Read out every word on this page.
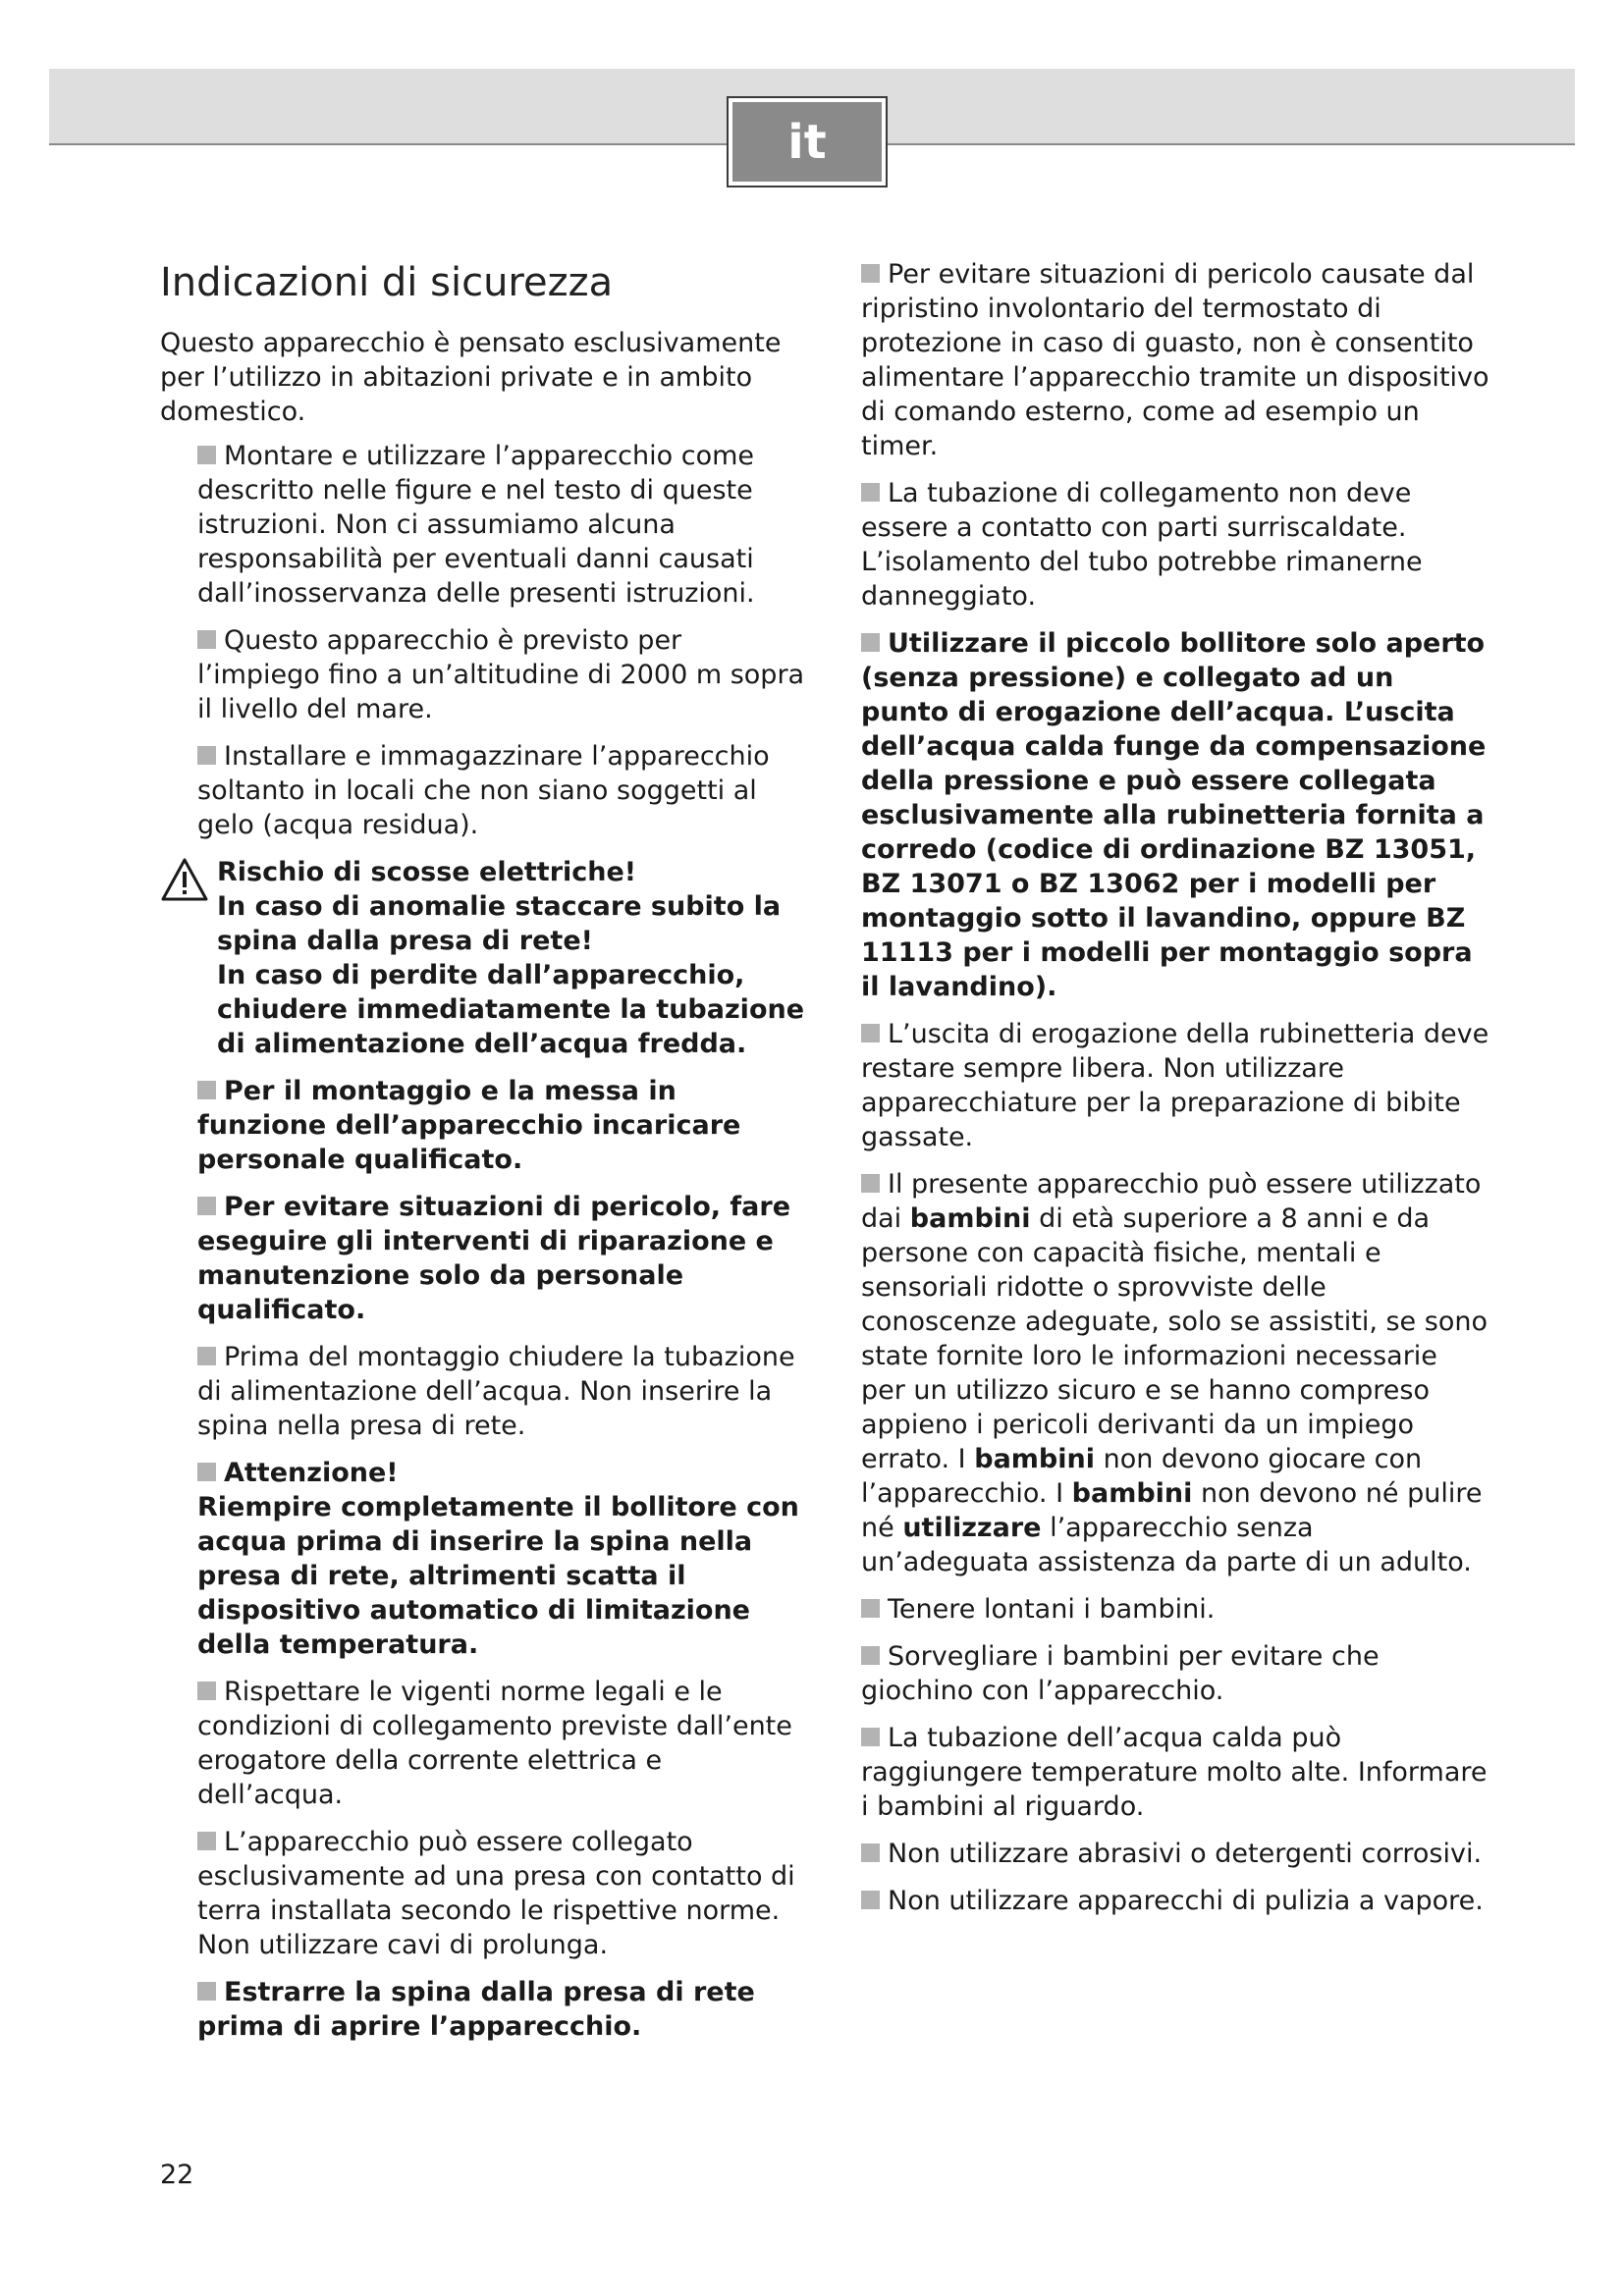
it
Indicazioni di sicurezza

Questo apparecchio è pensato esclusivamente per l’utilizzo in abitazioni private e in ambito domestico.

Montare e utilizzare l’apparecchio come descritto nelle figure e nel testo di queste istruzioni. Non ci assumiamo alcuna responsabilità per eventuali danni causati dall’inosservanza delle presenti istruzioni.
Questo apparecchio è previsto per l’impiego fino a un’altitudine di 2000 m sopra il livello del mare.
Installare e immagazzinare l’apparecchio soltanto in locali che non siano soggetti al gelo (acqua residua).
Rischio di scosse elettriche!
In caso di anomalie staccare subito la spina dalla presa di rete!
In caso di perdite dall’apparecchio, chiudere immediatamente la tubazione di alimentazione dell’acqua fredda.
Per il montaggio e la messa in funzione dell’apparecchio incaricare personale qualificato.
Per evitare situazioni di pericolo, fare eseguire gli interventi di riparazione e manutenzione solo da personale qualificato.
Prima del montaggio chiudere la tubazione di alimentazione dell’acqua. Non inserire la spina nella presa di rete.
Attenzione!
Riempire completamente il bollitore con acqua prima di inserire la spina nella presa di rete, altrimenti scatta il dispositivo automatico di limitazione della temperatura.
Rispettare le vigenti norme legali e le condizioni di collegamento previste dall’ente erogatore della corrente elettrica e dell’acqua.
L’apparecchio può essere collegato esclusivamente ad una presa con contatto di terra installata secondo le rispettive norme. Non utilizzare cavi di prolunga.
Estrarre la spina dalla presa di rete prima di aprire l’apparecchio.
Per evitare situazioni di pericolo causate dal ripristino involontario del termostato di protezione in caso di guasto, non è consentito alimentare l’apparecchio tramite un dispositivo di comando esterno, come ad esempio un timer.
La tubazione di collegamento non deve essere a contatto con parti surriscaldate. L’isolamento del tubo potrebbe rimanerne danneggiato.
Utilizzare il piccolo bollitore solo aperto (senza pressione) e collegato ad un punto di erogazione dell’acqua. L’uscita dell’acqua calda funge da compensazione della pressione e può essere collegata esclusivamente alla rubinetteria fornita a corredo (codice di ordinazione BZ 13051, BZ 13071 o BZ 13062 per i modelli per montaggio sotto il lavandino, oppure BZ 11113 per i modelli per montaggio sopra il lavandino).
L’uscita di erogazione della rubinetteria deve restare sempre libera. Non utilizzare apparecchiature per la preparazione di bibite gassate.
Il presente apparecchio può essere utilizzato dai bambini di età superiore a 8 anni e da persone con capacità fisiche, mentali e sensoriali ridotte o sprovviste delle conoscenze adeguate, solo se assistiti, se sono state fornite loro le informazioni necessarie per un utilizzo sicuro e se hanno compreso appieno i pericoli derivanti da un impiego errato. I bambini non devono giocare con l’apparecchio. I bambini non devono né pulire né utilizzare l’apparecchio senza un’adeguata assistenza da parte di un adulto.
Tenere lontani i bambini.
Sorvegliare i bambini per evitare che giochino con l’apparecchio.
La tubazione dell’acqua calda può raggiungere temperature molto alte. Informare i bambini al riguardo.
Non utilizzare abrasivi o detergenti corrosivi.
Non utilizzare apparecchi di pulizia a vapore.
22
